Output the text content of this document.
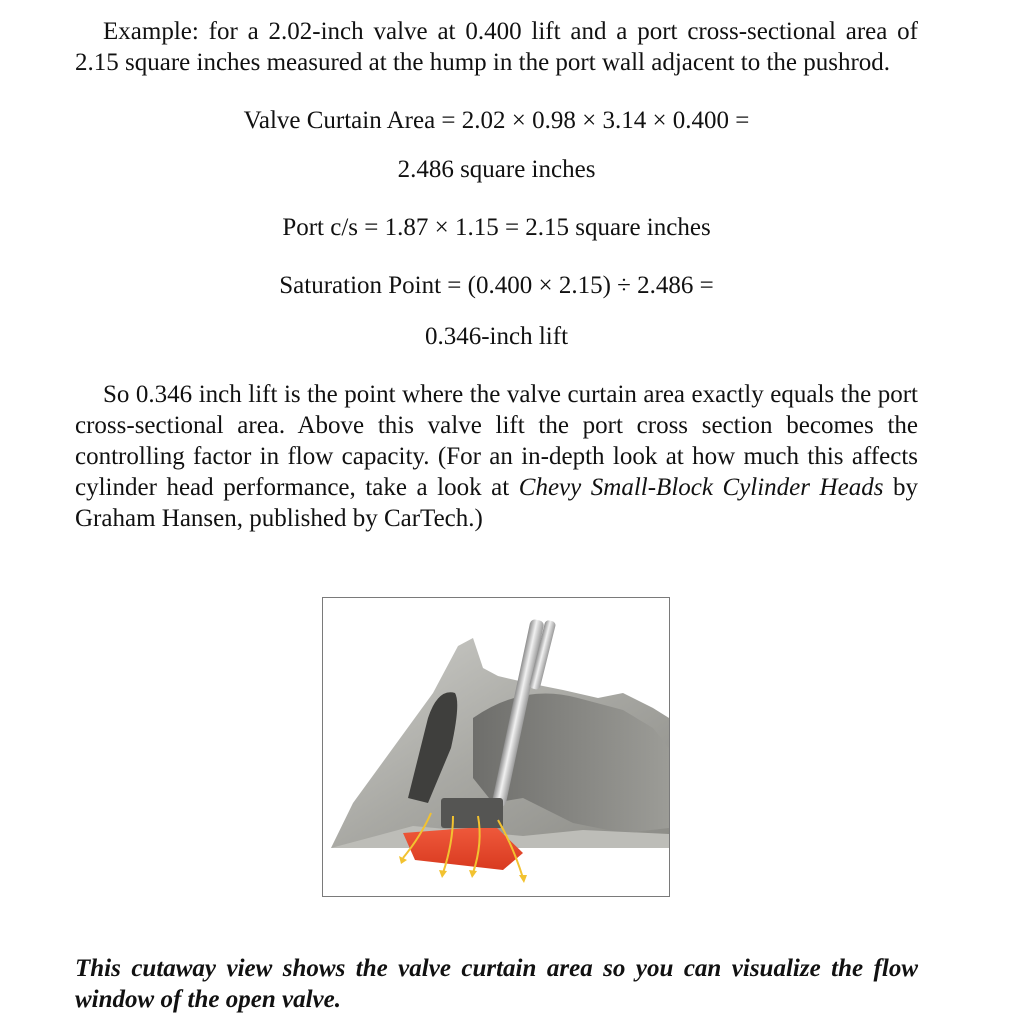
Example: for a 2.02-inch valve at 0.400 lift and a port cross-sectional area of 2.15 square inches measured at the hump in the port wall adjacent to the pushrod.

Valve Curtain Area = 2.02 × 0.98 × 3.14 × 0.400 =

2.486 square inches

Port c/s = 1.87 × 1.15 = 2.15 square inches

Saturation Point = (0.400 × 2.15) ÷ 2.486 =

0.346-inch lift

So 0.346 inch lift is the point where the valve curtain area exactly equals the port cross-sectional area. Above this valve lift the port cross section becomes the controlling factor in flow capacity. (For an in-depth look at how much this affects cylinder head performance, take a look at Chevy Small-Block Cylinder Heads by Graham Hansen, published by CarTech.)

This cutaway view shows the valve curtain area so you can visualize the flow window of the open valve.
